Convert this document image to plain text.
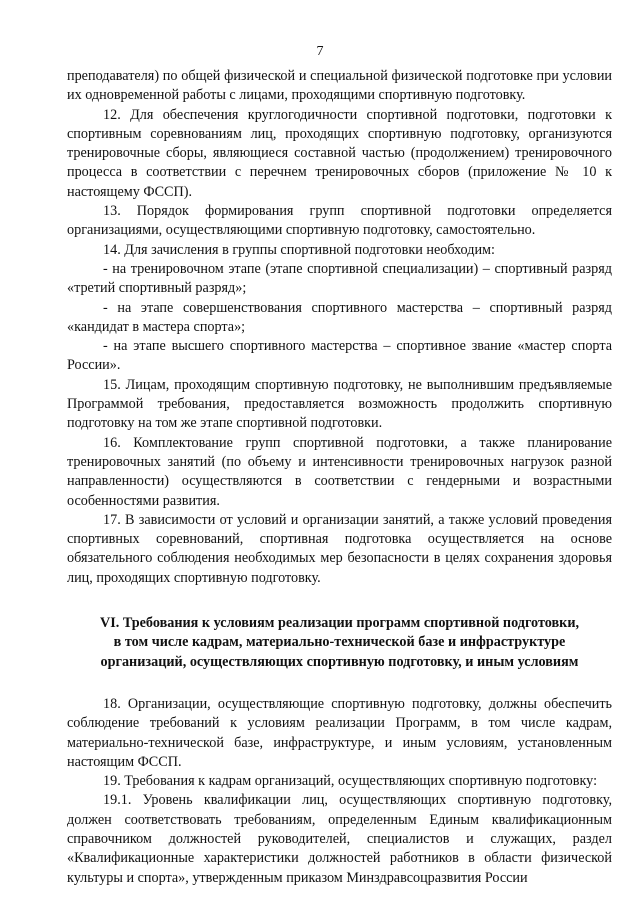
7

преподавателя) по общей физической и специальной физической подготовке при условии их одновременной работы с лицами, проходящими спортивную подготовку.

12. Для обеспечения круглогодичности спортивной подготовки, подготовки к спортивным соревнованиям лиц, проходящих спортивную подготовку, организуются тренировочные сборы, являющиеся составной частью (продолжением) тренировочного процесса в соответствии с перечнем тренировочных сборов (приложение № 10 к настоящему ФССП).

13. Порядок формирования групп спортивной подготовки определяется организациями, осуществляющими спортивную подготовку, самостоятельно.

14. Для зачисления в группы спортивной подготовки необходим:

- на тренировочном этапе (этапе спортивной специализации) – спортивный разряд «третий спортивный разряд»;

- на этапе совершенствования спортивного мастерства – спортивный разряд «кандидат в мастера спорта»;

- на этапе высшего спортивного мастерства – спортивное звание «мастер спорта России».

15. Лицам, проходящим спортивную подготовку, не выполнившим предъявляемые Программой требования, предоставляется возможность продолжить спортивную подготовку на том же этапе спортивной подготовки.

16. Комплектование групп спортивной подготовки, а также планирование тренировочных занятий (по объему и интенсивности тренировочных нагрузок разной направленности) осуществляются в соответствии с гендерными и возрастными особенностями развития.

17. В зависимости от условий и организации занятий, а также условий проведения спортивных соревнований, спортивная подготовка осуществляется на основе обязательного соблюдения необходимых мер безопасности в целях сохранения здоровья лиц, проходящих спортивную подготовку.

VI. Требования к условиям реализации программ спортивной подготовки,
в том числе кадрам, материально-технической базе и инфраструктуре
организаций, осуществляющих спортивную подготовку, и иным условиям

18. Организации, осуществляющие спортивную подготовку, должны обеспечить соблюдение требований к условиям реализации Программ, в том числе кадрам, материально-технической базе, инфраструктуре, и иным условиям, установленным настоящим ФССП.

19. Требования к кадрам организаций, осуществляющих спортивную подготовку:

19.1. Уровень квалификации лиц, осуществляющих спортивную подготовку, должен соответствовать требованиям, определенным Единым квалификационным справочником должностей руководителей, специалистов и служащих, раздел «Квалификационные характеристики должностей работников в области физической культуры и спорта», утвержденным приказом Минздравсоцразвития России
